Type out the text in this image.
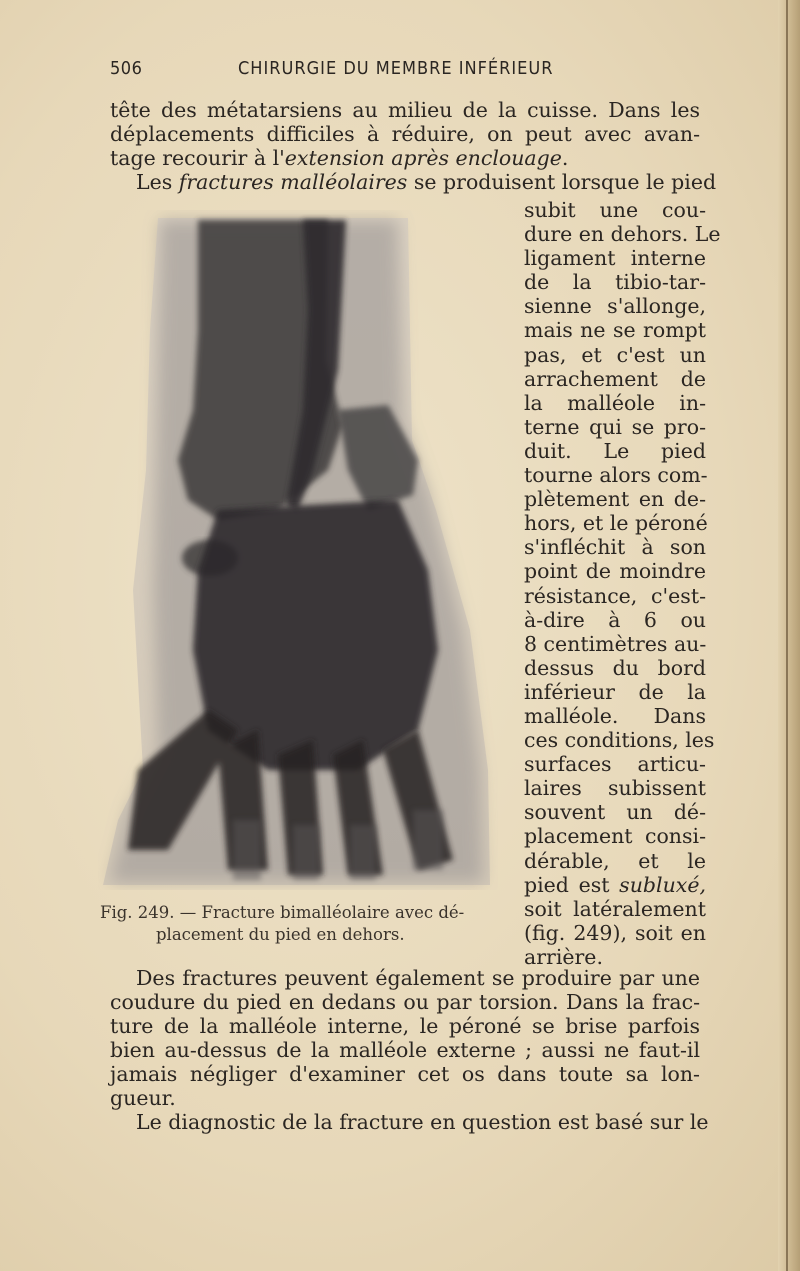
506	CHIRURGIE DU MEMBRE INFÉRIEUR
tête des métatarsiens au milieu de la cuisse. Dans les
déplacements difficiles à réduire, on peut avec avan-
tage recourir à l'extension après enclouage.
Les fractures malléolaires se produisent lorsque le pied
Fig. 249. — Fracture bimalléolaire avec dé-
placement du pied en dehors.
subit une cou-
dure en dehors. Le
ligament interne
de la tibio-tar-
sienne s'allonge,
mais ne se rompt
pas, et c'est un
arrachement de
la malléole in-
terne qui se pro-
duit. Le pied
tourne alors com-
plètement en de-
hors, et le péroné
s'infléchit à son
point de moindre
résistance, c'est-
à-dire à 6 ou
8 centimètres au-
dessus du bord
inférieur de la
malléole. Dans
ces conditions, les
surfaces articu-
laires subissent
souvent un dé-
placement consi-
dérable, et le
pied est subluxé,
soit latéralement
(fig. 249), soit en
arrière.
Des fractures peuvent également se produire par une
coudure du pied en dedans ou par torsion. Dans la frac-
ture de la malléole interne, le péroné se brise parfois
bien au-dessus de la malléole externe ; aussi ne faut-il
jamais négliger d'examiner cet os dans toute sa lon-
gueur.
Le diagnostic de la fracture en question est basé sur le
